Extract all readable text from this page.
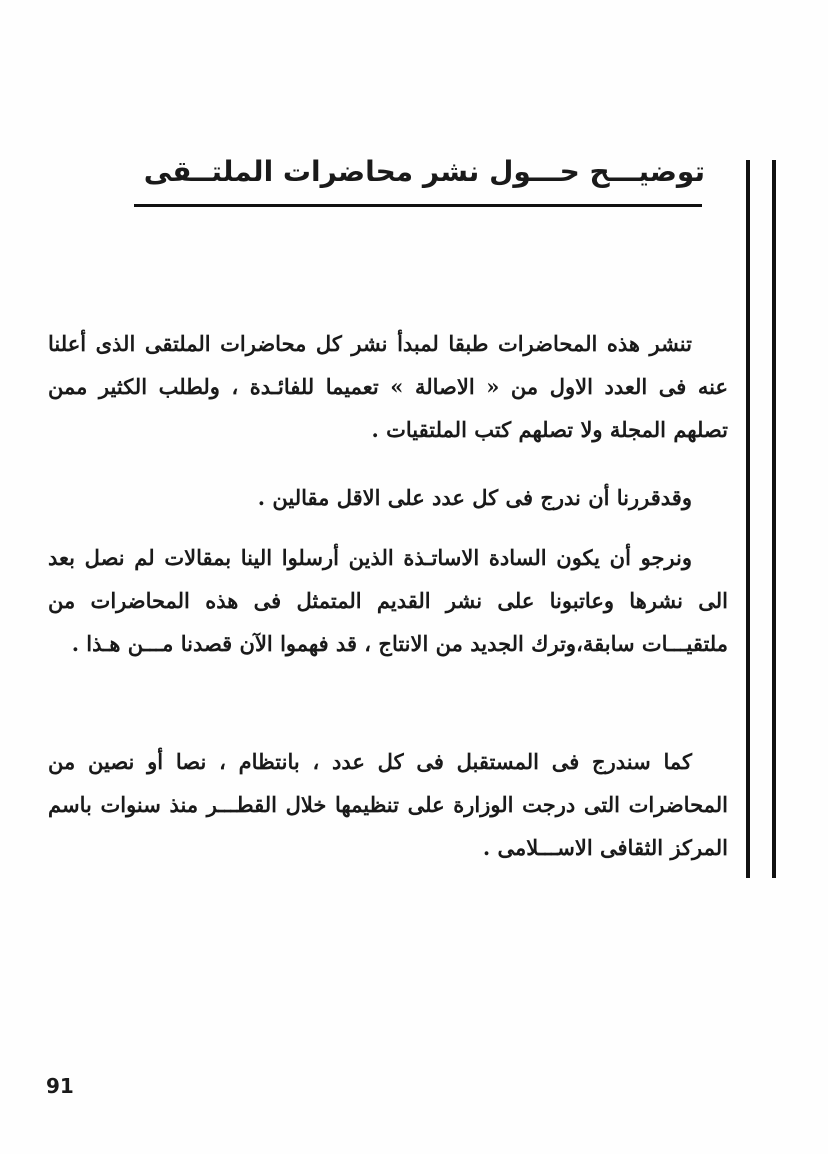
توضيـــح حـــول نشر محاضرات الملتــقى

تنشر هذه المحاضرات طبقا لمبدأ نشر كل محاضرات الملتقى الذى أعلنا عنه فى العدد الاول من « الاصالة » تعميما للفائـدة ، ولطلب الكثير ممن تصلهم المجلة ولا تصلهم كتب الملتقيات .

وقدقررنا أن ندرج فى كل عدد على الاقل مقالين .

ونرجو أن يكون السادة الاساتـذة الذين أرسلوا الينا بمقالات لم نصل بعد الى نشرها وعاتبونا على نشر القديم المتمثل فى هذه المحاضرات من ملتقيـــات سابقة،وترك الجديد من الانتاج ، قد فهموا الآن قصدنا مـــن هـذا .

كما سندرج فى المستقبل فى كل عدد ، بانتظام ، نصا أو نصين من المحاضرات التى درجت الوزارة على تنظيمها خلال القطـــر منذ سنوات باسم المركز الثقافى الاســـلامى .

91
